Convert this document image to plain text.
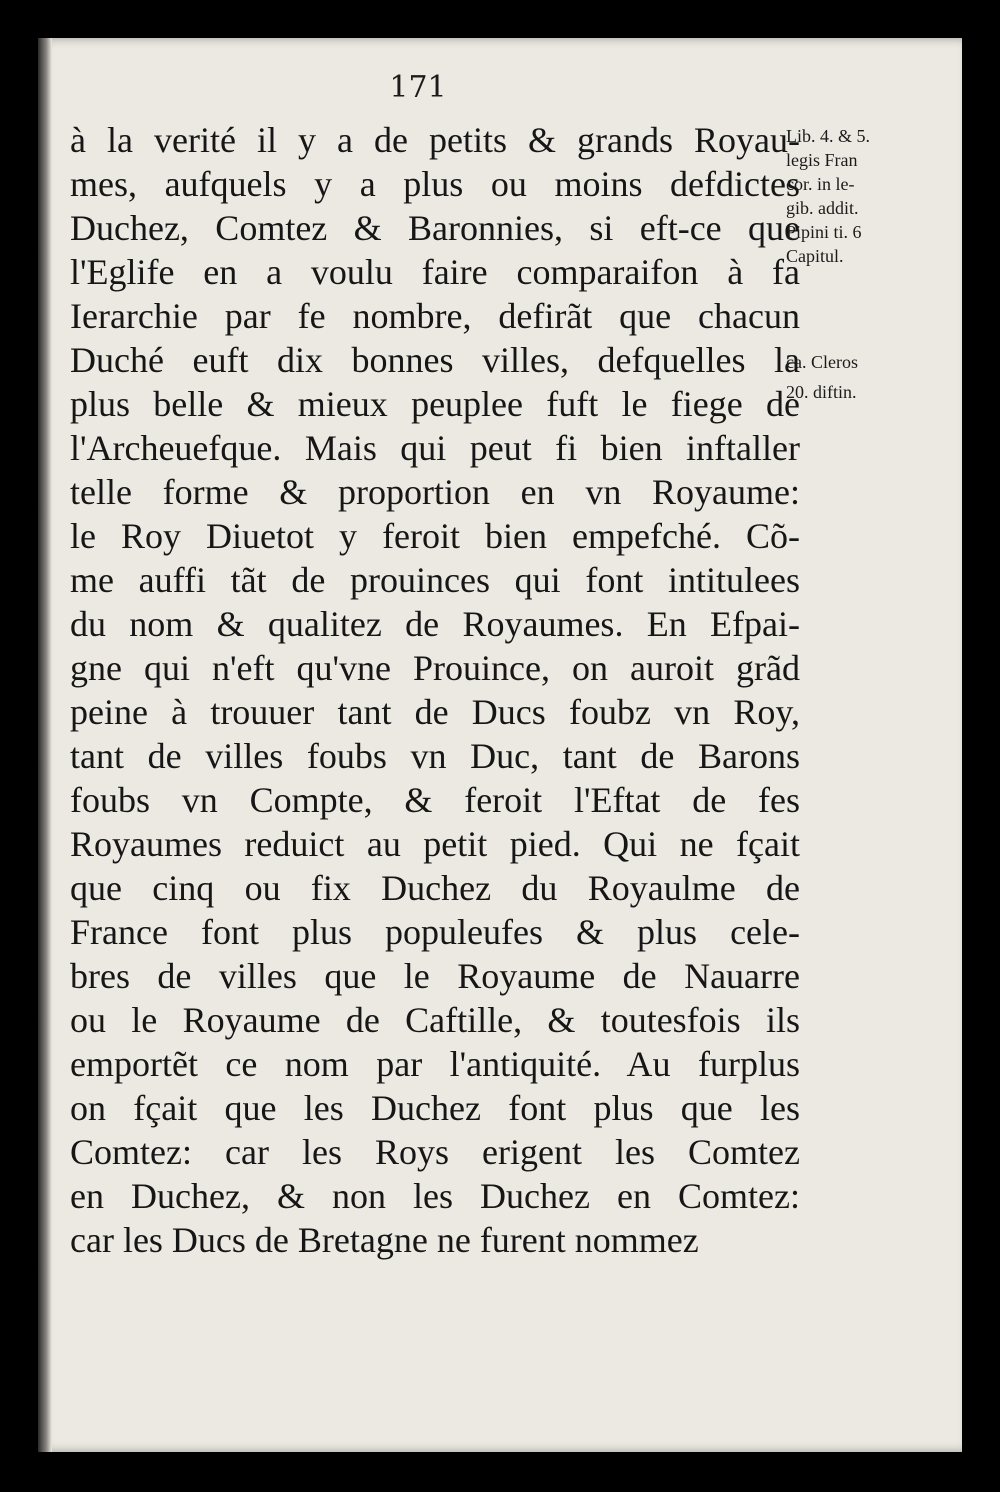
171
à la verité il y a de petits & grands Royau-
mes, aufquels y a plus ou moins defdictes
Duchez, Comtez & Baronnies, si eft-ce que
l'Eglife en a voulu faire comparaifon à fa
Ierarchie par fe nombre, defirãt que chacun
Duché euft dix bonnes villes, defquelles la
plus belle & mieux peuplee fuft le fiege de
l'Archeuefque. Mais qui peut fi bien inftaller
telle forme & proportion en vn Royaume:
le Roy Diuetot y feroit bien empefché. Cõ-
me auffi tãt de prouinces qui font intitulees
du nom & qualitez de Royaumes. En Efpai-
gne qui n'eft qu'vne Prouince, on auroit grãd
peine à trouuer tant de Ducs foubz vn Roy,
tant de villes foubs vn Duc, tant de Barons
foubs vn Compte, & feroit l'Eftat de fes
Royaumes reduict au petit pied. Qui ne fçait
que cinq ou fix Duchez du Royaulme de
France font plus populeufes & plus cele-
bres de villes que le Royaume de Nauarre
ou le Royaume de Caftille, & toutesfois ils
emportẽt ce nom par l'antiquité. Au furplus
on fçait que les Duchez font plus que les
Comtez: car les Roys erigent les Comtez
en Duchez, & non les Duchez en Comtez:
car les Ducs de Bretagne ne furent nommez
Lib. 4. & 5.
legis Fran
cor. in le-
gib. addit.
Pipini ti. 6
Capitul.
ca. Cleros
20. diftin.
